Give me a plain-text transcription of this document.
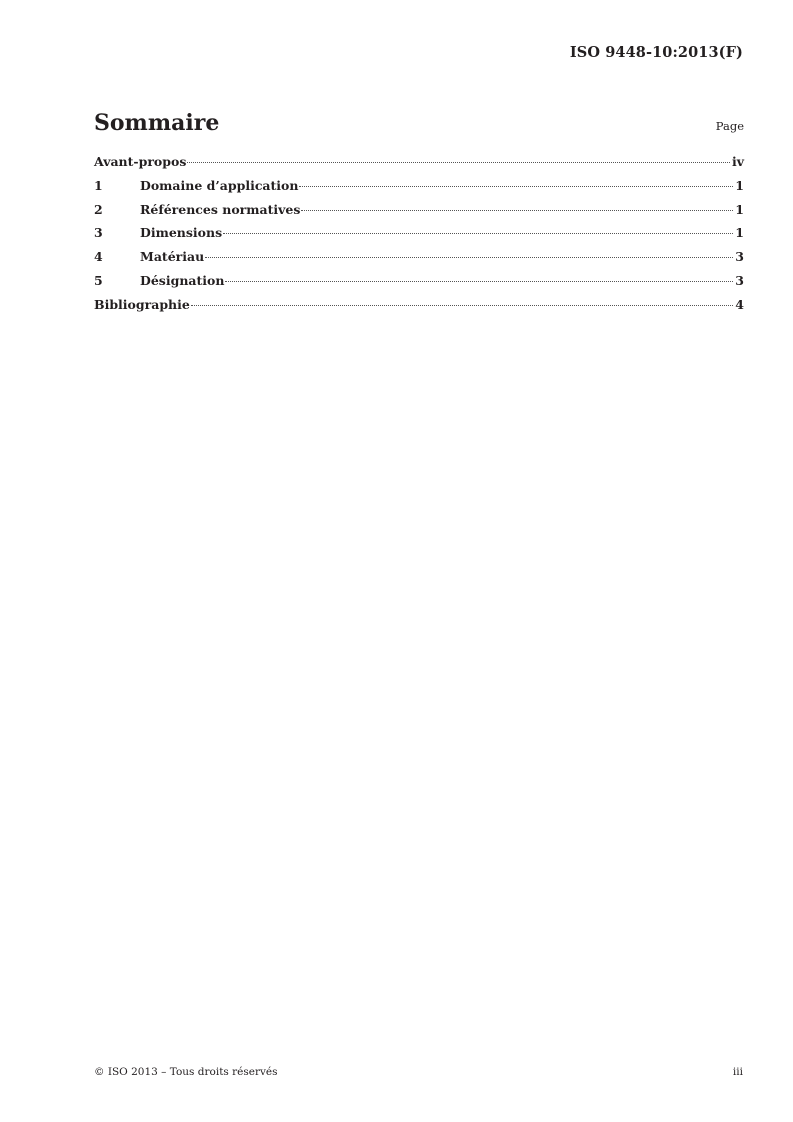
ISO 9448-10:2013(F)
Sommaire	Page
Avant-propos	iv
1	Domaine d’application	1
2	Références normatives	1
3	Dimensions	1
4	Matériau	3
5	Désignation	3
Bibliographie	4
© ISO 2013 – Tous droits réservés	iii
